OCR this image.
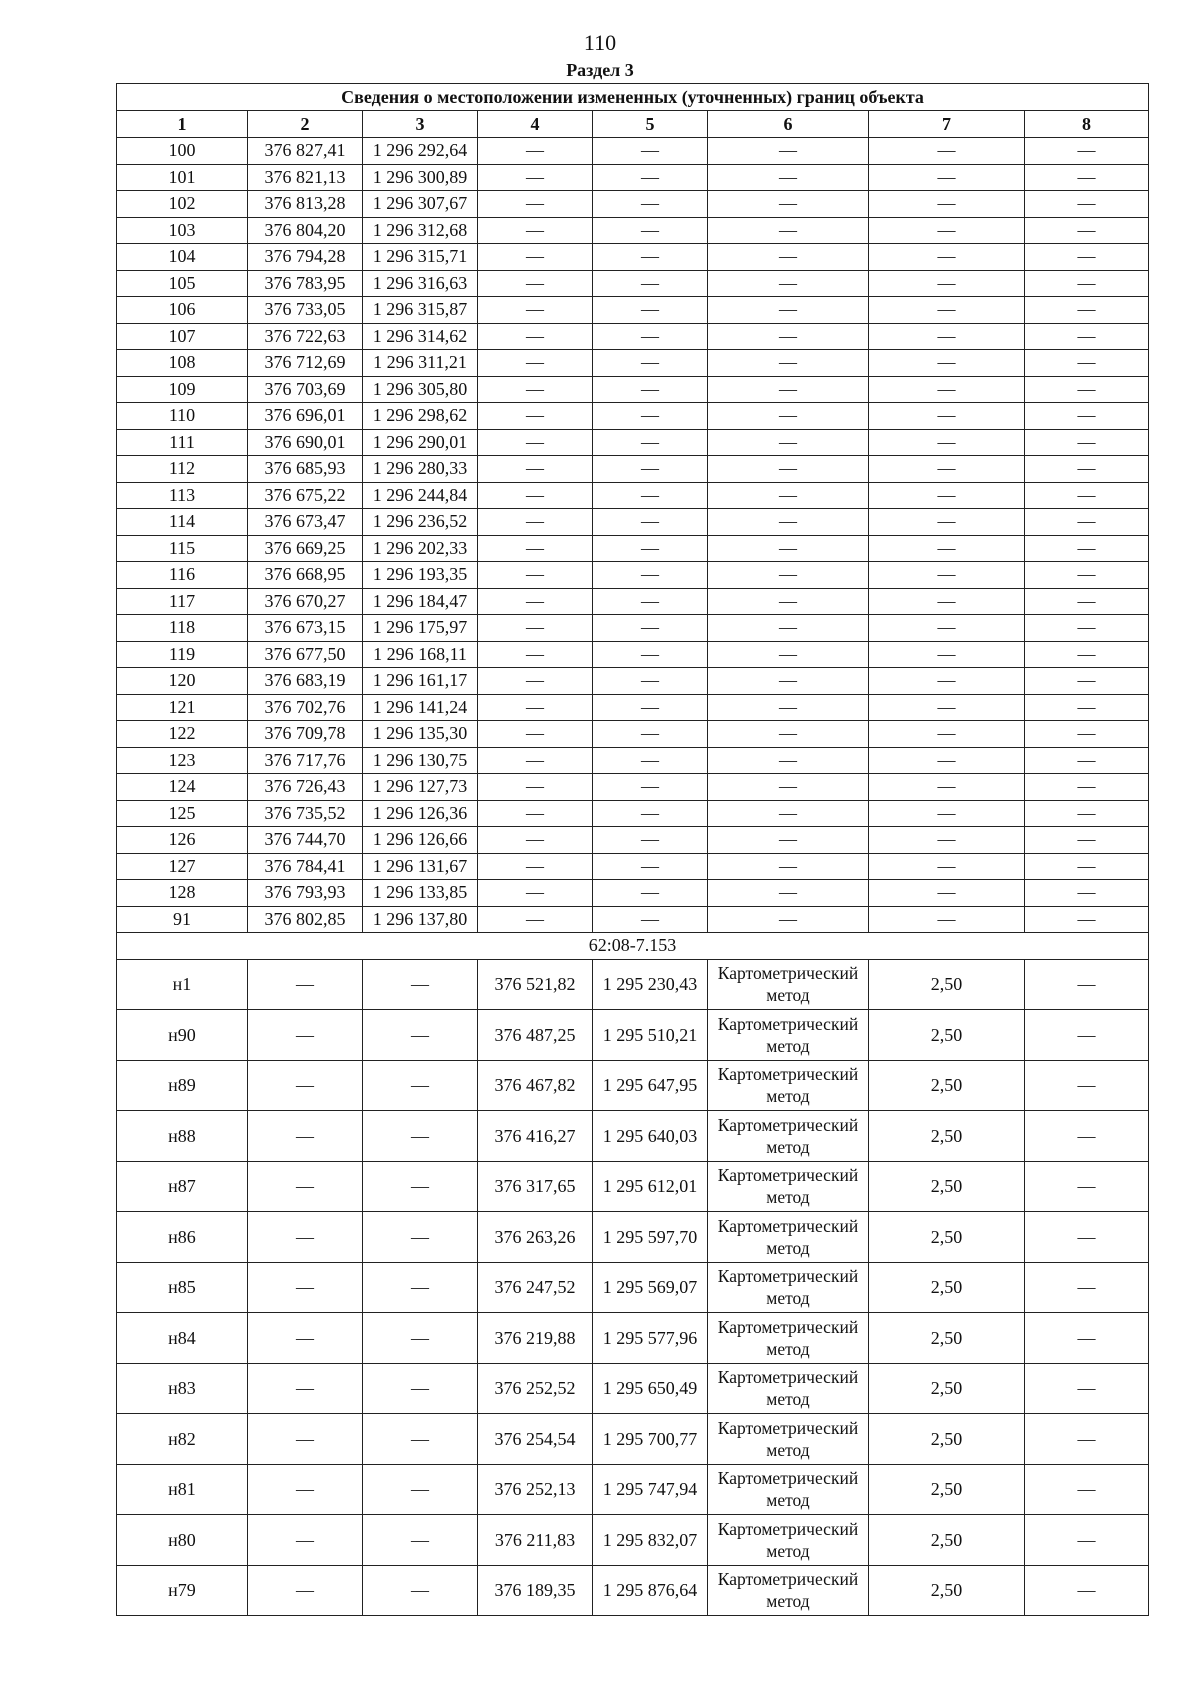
110
Раздел 3
Сведения о местоположении измененных (уточненных) границ объекта							
1	2	3	4	5	6	7	8
100	376 827,41	1 296 292,64	—	—	—	—	—
101	376 821,13	1 296 300,89	—	—	—	—	—
102	376 813,28	1 296 307,67	—	—	—	—	—
103	376 804,20	1 296 312,68	—	—	—	—	—
104	376 794,28	1 296 315,71	—	—	—	—	—
105	376 783,95	1 296 316,63	—	—	—	—	—
106	376 733,05	1 296 315,87	—	—	—	—	—
107	376 722,63	1 296 314,62	—	—	—	—	—
108	376 712,69	1 296 311,21	—	—	—	—	—
109	376 703,69	1 296 305,80	—	—	—	—	—
110	376 696,01	1 296 298,62	—	—	—	—	—
111	376 690,01	1 296 290,01	—	—	—	—	—
112	376 685,93	1 296 280,33	—	—	—	—	—
113	376 675,22	1 296 244,84	—	—	—	—	—
114	376 673,47	1 296 236,52	—	—	—	—	—
115	376 669,25	1 296 202,33	—	—	—	—	—
116	376 668,95	1 296 193,35	—	—	—	—	—
117	376 670,27	1 296 184,47	—	—	—	—	—
118	376 673,15	1 296 175,97	—	—	—	—	—
119	376 677,50	1 296 168,11	—	—	—	—	—
120	376 683,19	1 296 161,17	—	—	—	—	—
121	376 702,76	1 296 141,24	—	—	—	—	—
122	376 709,78	1 296 135,30	—	—	—	—	—
123	376 717,76	1 296 130,75	—	—	—	—	—
124	376 726,43	1 296 127,73	—	—	—	—	—
125	376 735,52	1 296 126,36	—	—	—	—	—
126	376 744,70	1 296 126,66	—	—	—	—	—
127	376 784,41	1 296 131,67	—	—	—	—	—
128	376 793,93	1 296 133,85	—	—	—	—	—
91	376 802,85	1 296 137,80	—	—	—	—	—
62:08-7.153							
н1	—	—	376 521,82	1 295 230,43	Картометрический метод	2,50	—
н90	—	—	376 487,25	1 295 510,21	Картометрический метод	2,50	—
н89	—	—	376 467,82	1 295 647,95	Картометрический метод	2,50	—
н88	—	—	376 416,27	1 295 640,03	Картометрический метод	2,50	—
н87	—	—	376 317,65	1 295 612,01	Картометрический метод	2,50	—
н86	—	—	376 263,26	1 295 597,70	Картометрический метод	2,50	—
н85	—	—	376 247,52	1 295 569,07	Картометрический метод	2,50	—
н84	—	—	376 219,88	1 295 577,96	Картометрический метод	2,50	—
н83	—	—	376 252,52	1 295 650,49	Картометрический метод	2,50	—
н82	—	—	376 254,54	1 295 700,77	Картометрический метод	2,50	—
н81	—	—	376 252,13	1 295 747,94	Картометрический метод	2,50	—
н80	—	—	376 211,83	1 295 832,07	Картометрический метод	2,50	—
н79	—	—	376 189,35	1 295 876,64	Картометрический метод	2,50	—
